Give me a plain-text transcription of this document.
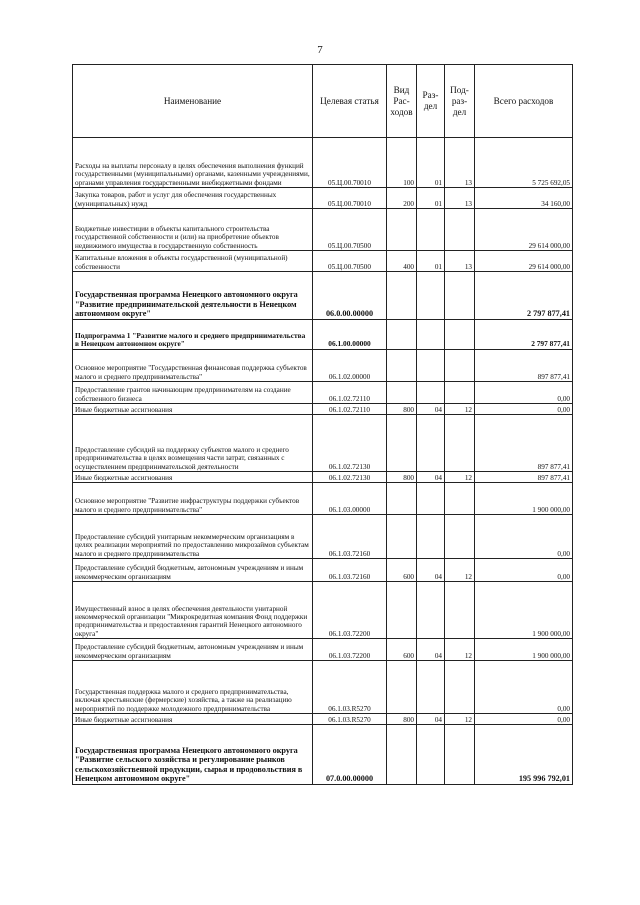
7
Наименование	Целевая статья	Вид Рас- ходов	Раз- дел	Под- раз- дел	Всего расходов
Расходы на выплаты персоналу в целях обеспечения выполнения функций государственными (муниципальными) органами, казенными учреждениями, органами управления государственными внебюджетными фондами	05.Ц.00.70010	100	01	13	5 725 692,05
Закупка товаров, работ и услуг для обеспечения государственных (муниципальных) нужд	05.Ц.00.70010	200	01	13	34 160,00
Бюджетные инвестиции в объекты капитального строительства государственной собственности и (или) на приобретение объектов недвижимого имущества в государственную собственность	05.Ц.00.70500				29 614 000,00
Капитальные вложения в объекты государственной (муниципальной) собственности	05.Ц.00.70500	400	01	13	29 614 000,00
Государственная программа Ненецкого автономного округа "Развитие предпринимательской деятельности в Ненецком автономном округе"	06.0.00.00000				2 797 877,41
Подпрограмма 1 "Развитие малого и среднего предпринимательства в Ненецком автономном округе"	06.1.00.00000				2 797 877,41
Основное мероприятие "Государственная финансовая поддержка субъектов малого и среднего предпринимательства"	06.1.02.00000				897 877,41
Предоставление грантов начинающим предпринимателям на создание собственного бизнеса	06.1.02.72110				0,00
Иные бюджетные ассигнования	06.1.02.72110	800	04	12	0,00
Предоставление субсидий на поддержку субъектов малого и среднего предпринимательства в целях возмещения части затрат, связанных с осуществлением предпринимательской деятельности	06.1.02.72130				897 877,41
Иные бюджетные ассигнования	06.1.02.72130	800	04	12	897 877,41
Основное мероприятие "Развитие инфраструктуры поддержки субъектов малого и среднего предпринимательства"	06.1.03.00000				1 900 000,00
Предоставление субсидий унитарным некоммерческим организациям в целях реализации мероприятий по предоставлению микрозаймов субъектам малого и среднего предпринимательства	06.1.03.72160				0,00
Предоставление субсидий бюджетным, автономным учреждениям и иным некоммерческим организациям	06.1.03.72160	600	04	12	0,00
Имущественный взнос в целях обеспечения деятельности унитарной некоммерческой организации "Микрокредитная компания Фонд поддержки предпринимательства и предоставления гарантий Ненецкого автономного округа"	06.1.03.72200				1 900 000,00
Предоставление субсидий бюджетным, автономным учреждениям и иным некоммерческим организациям	06.1.03.72200	600	04	12	1 900 000,00
Государственная поддержка малого и среднего предпринимательства, включая крестьянские (фермерские) хозяйства, а также на реализацию мероприятий по поддержке молодежного предпринимательства	06.1.03.R5270				0,00
Иные бюджетные ассигнования	06.1.03.R5270	800	04	12	0,00
Государственная программа Ненецкого автономного округа "Развитие сельского хозяйства и регулирование рынков сельскохозяйственной продукции, сырья и продовольствия в Ненецком автономном округе"	07.0.00.00000				195 996 792,01
